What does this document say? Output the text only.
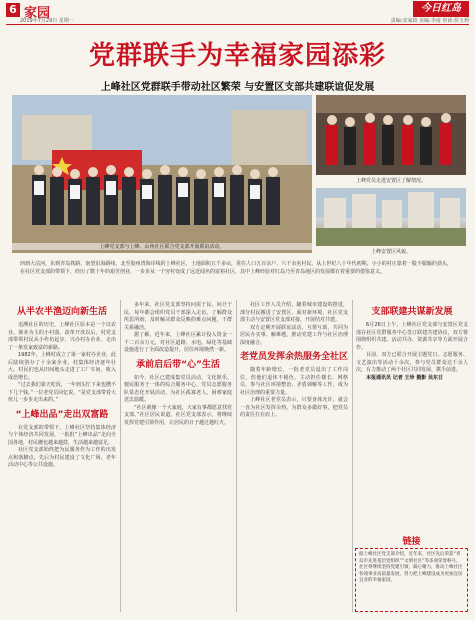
6 家园	今日红岛
2019年7月29日 星期一	责编:宋家政 美编:李南 审读:侯玉莉
党群联手为幸福家园添彩
上峰社区党群联手带动社区繁荣 与安置区支部共建联谊促发展
上峰党支部与上峰、山角社区联合党支部开展联谊活动。
上峰党员走进安置区了解情况。
上峰安置区风貌。
西到大沽河，东到青岛铁路，南望沿海路线，北至胶州湾海岸线的上峰社区，土地面积五千多亩，常住人口五百余户，六千余名村民。从上世纪八十年代初期，小小的村庄靠着一股不服输的劲头，在社区党支部的带领下，经历了数十年的艰苦创业，一步步从一个穷村变成了远近闻名的富裕社区，其中上峰经验对红岛乃至青岛地区的发展都有着重要的借鉴意义。
从半农半渔迈向新生活

追溯社区的历史，上峰社区原本是一个以农业、渔业为主的小村落。改革开放以后，村党支部带领村民从小作坊起步，兴办村办企业，走出了一条发家致富的新路。

1982年，上峰村成立了第一家村办企业，此后陆续创办了十余家企业，村集体经济逐年壮大。村民们也从田间地头走进了工厂车间，收入成倍增长。

“过去我们靠天吃饭，一年到头忙下来也攒不下几个钱。”一位老党员回忆说，“是党支部带着大伙儿一步步走出来的。”

“上峰出品”走出双富路

在党支部的带领下，上峰社区坚持集体经济与个体经济共同发展，一批批“上峰出品”走向全国各地，村民腰包越来越鼓，生活越来越富足。

社区党支部始终把为民服务作为工作的出发点和落脚点，先后为村民建设了文化广场、老年活动中心等公共设施。

多年来，社区党支部坚持问需于民、问计于民，每年都会组织党员干部深入走访，了解群众所思所盼，及时解决群众反映的难点问题，干群关系融洽。

据了解，近年来，上峰社区累计投入资金一千二百余万元，对社区道路、水电、绿化等基础设施进行了全面改造提升，居住环境焕然一新。

承前启后带“心”生活

如今，社区已建成集党员活动、文化娱乐、便民服务于一体的综合服务中心，党员志愿服务队常态化开展活动，为社区孤寡老人、困难家庭送去温暖。

“社区就像一个大家庭，大家有事都愿意找党支部。”社区居民说道。社区党支部表示，将继续发挥党建引领作用，让居民的日子越过越红火。

社区工作人员介绍，随着城市建设的推进，部分村民搬进了安置区，面对新环境，社区党支部主动与安置区党支部对接，开展结对共建。

双方定期开展联谊活动，互帮互助，共同为居民办实事、解难题，推动党建工作与社区治理深度融合。

老党员发挥余热服务全社区

随着年龄增长，一批老党员退出了工作岗位，但他们退休不褪色，主动担任楼长、网格员，参与社区环境整治、矛盾调解等工作，成为社区治理的重要力量。

上峰社区老党员表示，只要身体允许，就会一直为社区发挥余热，为群众多做好事，把党员的责任扛在肩上。

支部联建共谋新发展

6月26日上午，上峰社区党支部与安置区党支部在社区党群服务中心签订联建共建协议，双方将围绕组织共建、活动共办、资源共享等方面开展合作。

目前，双方已联合开展主题党日、志愿服务、文艺演出等活动十余次，参与党员群众达千余人次，有力推动了两个社区共同发展、携手前进。

本报通讯员 记者 王珍 摄影 吴东日

链接
据上峰社区党支部介绍，近年来，社区先后荣获“青岛市先进基层党组织”“文明社区”等多项荣誉称号。社区将继续坚持党建引领，凝心聚力，推动上峰社区各项事业高质量发展，努力把上峰建设成为更加宜居宜业的幸福家园。
